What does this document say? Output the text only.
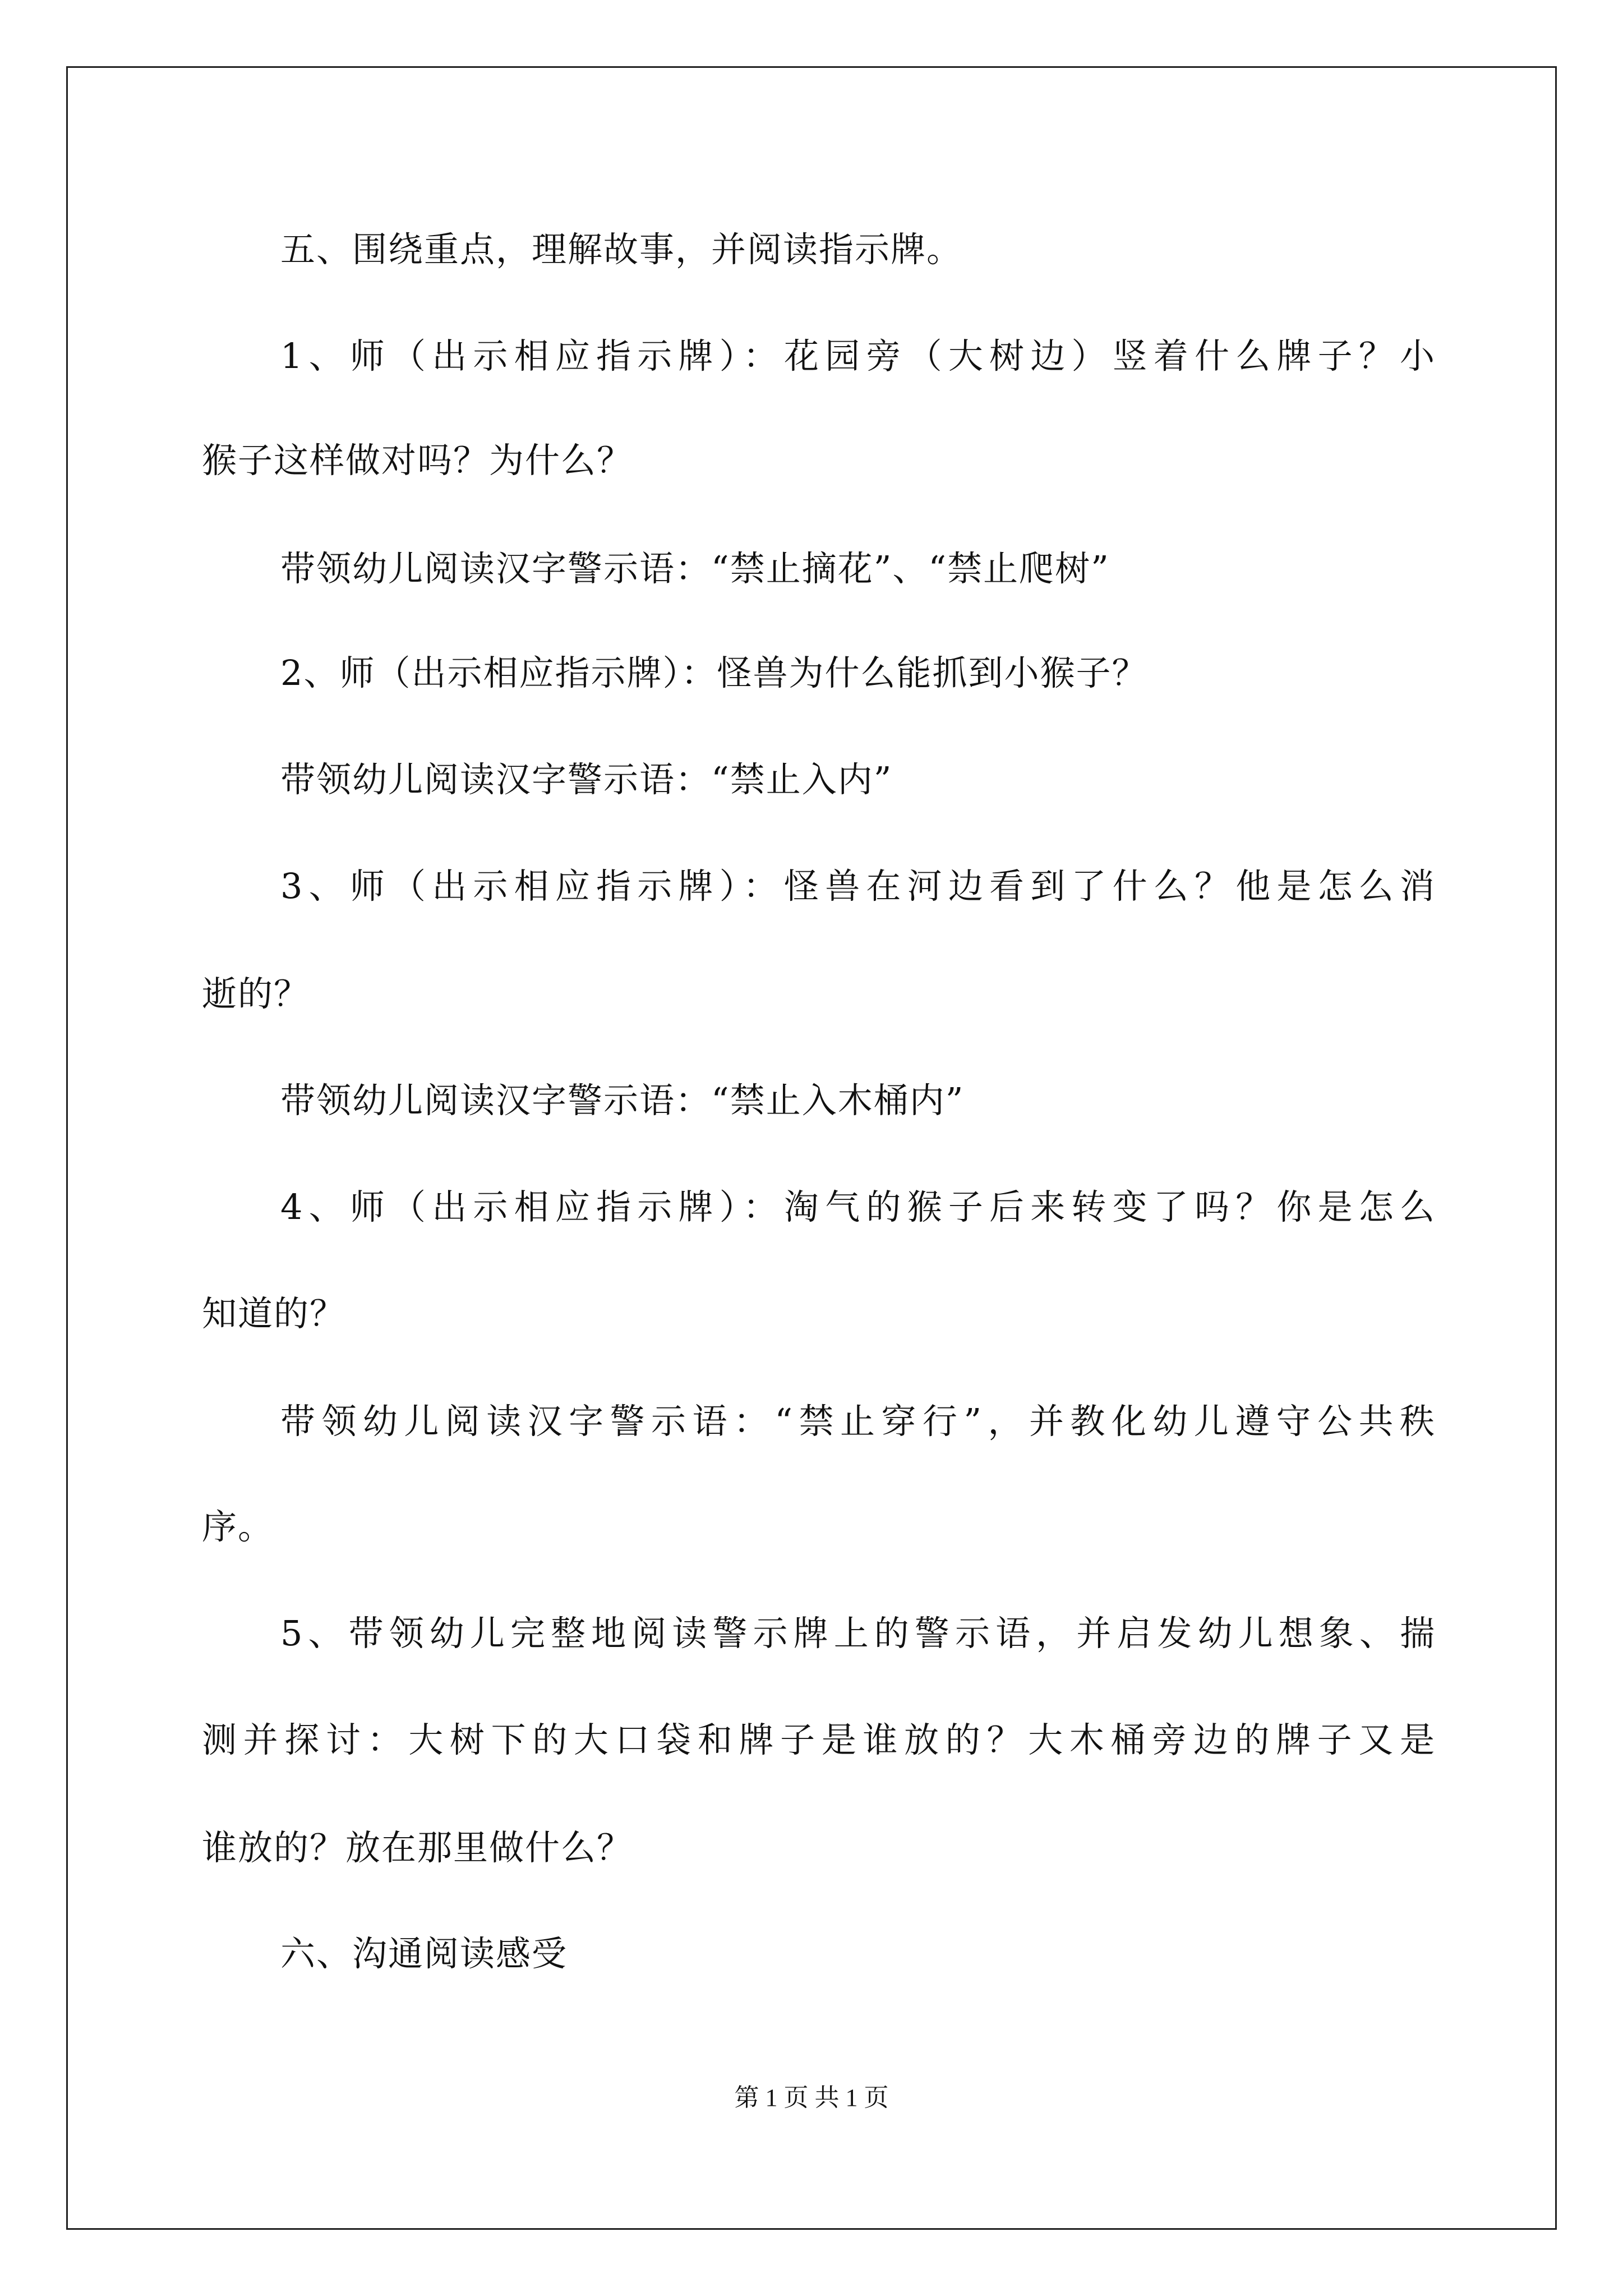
五、围绕重点，理解故事，并阅读指示牌。
1、师（出示相应指示牌）：花园旁（大树边）竖着什么牌子？小
猴子这样做对吗？为什么？
带领幼儿阅读汉字警示语：“禁止摘花”、“禁止爬树”
2、师（出示相应指示牌）：怪兽为什么能抓到小猴子？
带领幼儿阅读汉字警示语：“禁止入内”
3、师（出示相应指示牌）：怪兽在河边看到了什么？他是怎么消
逝的？
带领幼儿阅读汉字警示语：“禁止入木桶内”
4、师（出示相应指示牌）：淘气的猴子后来转变了吗？你是怎么
知道的？
带领幼儿阅读汉字警示语：“禁止穿行”，并教化幼儿遵守公共秩
序。
5、带领幼儿完整地阅读警示牌上的警示语，并启发幼儿想象、揣
测并探讨：大树下的大口袋和牌子是谁放的？大木桶旁边的牌子又是
谁放的？放在那里做什么？
六、沟通阅读感受
第 1 页 共 1 页
